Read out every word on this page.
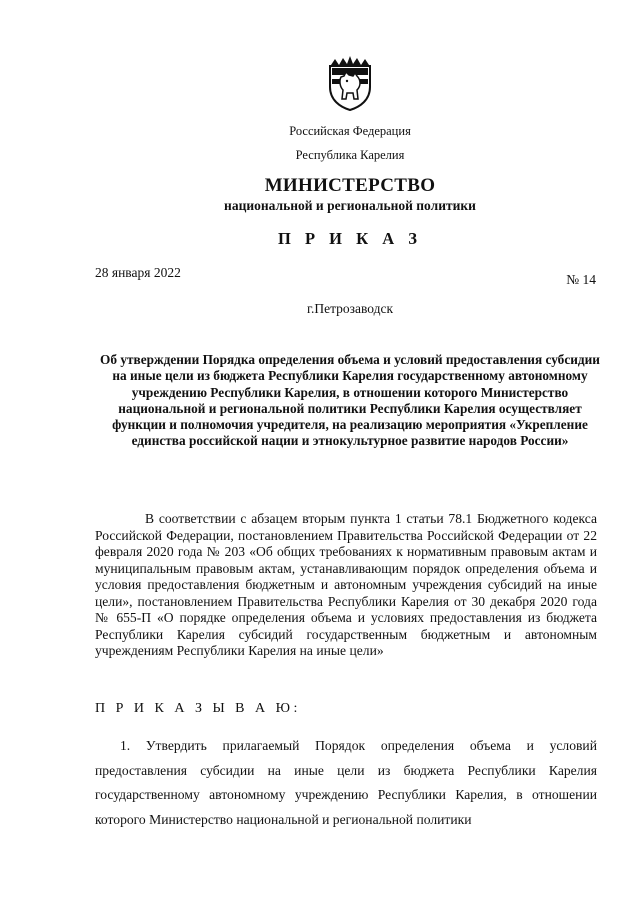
Российская Федерация
Республика Карелия
МИНИСТЕРСТВО
национальной и региональной политики
П Р И К А З
28 января 2022	№ 14
г.Петрозаводск
Об утверждении Порядка определения объема и условий предоставления субсидии на иные цели из бюджета Республики Карелия государственному автономному учреждению Республики Карелия, в отношении которого Министерство национальной и региональной политики Республики Карелия осуществляет функции и полномочия учредителя, на реализацию мероприятия «Укрепление единства российской нации и этнокультурное развитие народов России»

В соответствии с абзацем вторым пункта 1 статьи 78.1 Бюджетного кодекса Российской Федерации, постановлением Правительства Российской Федерации от 22 февраля 2020 года № 203 «Об общих требованиях к нормативным правовым актам и муниципальным правовым актам, устанавливающим порядок определения объема и условия предоставления бюджетным и автономным учреждения субсидий на иные цели», постановлением Правительства Республики Карелия от 30 декабря 2020 года № 655-П «О порядке определения объема и условиях предоставления из бюджета Республики Карелия субсидий государственным бюджетным и автономным учреждениям Республики Карелия на иные цели»

П Р И К А З Ы В А Ю:

1. Утвердить прилагаемый Порядок определения объема и условий предоставления субсидии на иные цели из бюджета Республики Карелия государственному автономному учреждению Республики Карелия, в отношении которого Министерство национальной и региональной политики
